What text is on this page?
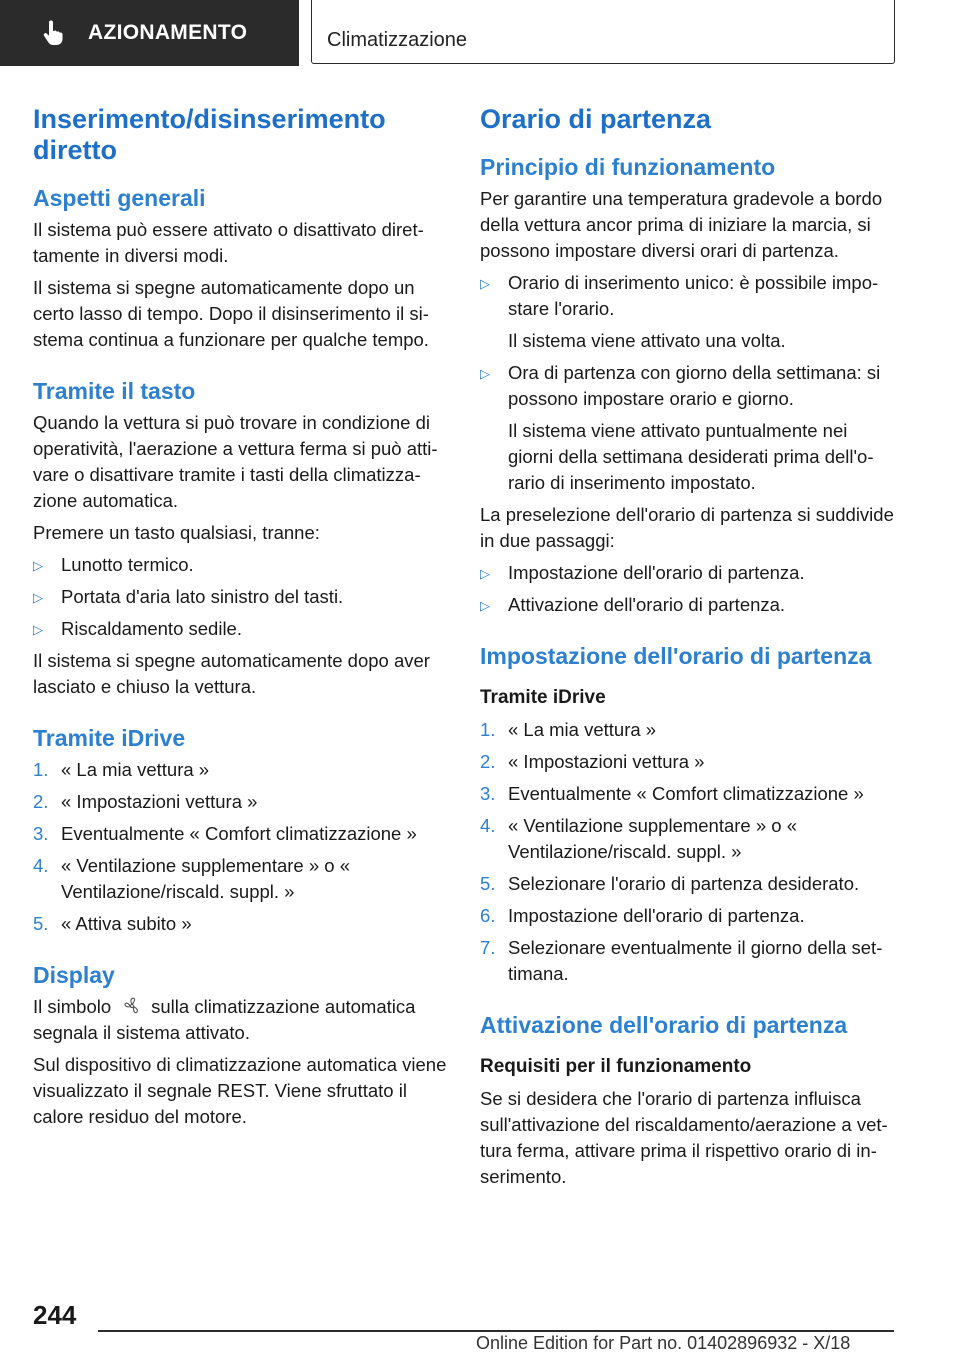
AZIONAMENTO	Climatizzazione
Inserimento/disinserimento diretto
Aspetti generali

Il sistema può essere attivato o disattivato direttamente in diversi modi.

Il sistema si spegne automaticamente dopo un certo lasso di tempo. Dopo il disinserimento il sistema continua a funzionare per qualche tempo.

Tramite il tasto

Quando la vettura si può trovare in condizione di operatività, l'aerazione a vettura ferma si può attivare o disattivare tramite i tasti della climatizzazione automatica.

Premere un tasto qualsiasi, tranne:

▷ Lunotto termico.
▷ Portata d'aria lato sinistro del tasti.
▷ Riscaldamento sedile.

Il sistema si spegne automaticamente dopo aver lasciato e chiuso la vettura.

Tramite iDrive
1. « La mia vettura »
2. « Impostazioni vettura »
3. Eventualmente « Comfort climatizzazione »
4. « Ventilazione supplementare » o « Ventilazione/riscald. suppl. »
5. « Attiva subito »
Display

Il simbolo sulla climatizzazione automatica segnala il sistema attivato.

Sul dispositivo di climatizzazione automatica viene visualizzato il segnale REST. Viene sfruttato il calore residuo del motore.

Orario di partenza
Principio di funzionamento

Per garantire una temperatura gradevole a bordo della vettura ancor prima di iniziare la marcia, si possono impostare diversi orari di partenza.

▷ Orario di inserimento unico: è possibile impostare l'orario.
Il sistema viene attivato una volta.
▷ Ora di partenza con giorno della settimana: si possono impostare orario e giorno.
Il sistema viene attivato puntualmente nei giorni della settimana desiderati prima dell'orario di inserimento impostato.

La preselezione dell'orario di partenza si suddivide in due passaggi:

▷ Impostazione dell'orario di partenza.
▷ Attivazione dell'orario di partenza.
Impostazione dell'orario di partenza
Tramite iDrive
1. « La mia vettura »
2. « Impostazioni vettura »
3. Eventualmente « Comfort climatizzazione »
4. « Ventilazione supplementare » o « Ventilazione/riscald. suppl. »
5. Selezionare l'orario di partenza desiderato.
6. Impostazione dell'orario di partenza.
7. Selezionare eventualmente il giorno della settimana.
Attivazione dell'orario di partenza
Requisiti per il funzionamento

Se si desidera che l'orario di partenza influisca sull'attivazione del riscaldamento/aerazione a vettura ferma, attivare prima il rispettivo orario di inserimento.

244
Online Edition for Part no. 01402896932 - X/18
